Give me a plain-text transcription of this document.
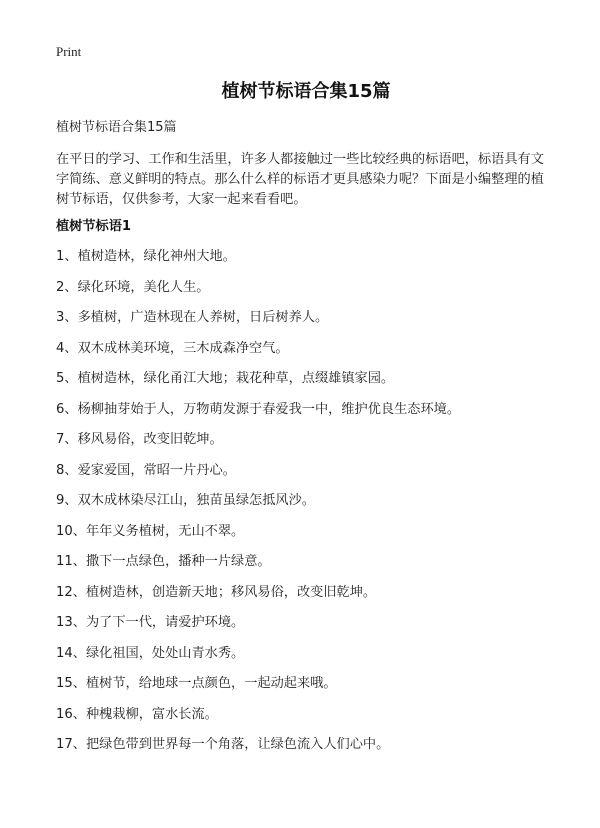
Print
植树节标语合集15篇
植树节标语合集15篇

在平日的学习、工作和生活里，许多人都接触过一些比较经典的标语吧，标语具有文字简练、意义鲜明的特点。那么什么样的标语才更具感染力呢？下面是小编整理的植树节标语，仅供参考，大家一起来看看吧。

植树节标语1
1、植树造林，绿化神州大地。
2、绿化环境，美化人生。
3、多植树，广造林现在人养树，日后树养人。
4、双木成林美环境，三木成森净空气。
5、植树造林，绿化甬江大地；栽花种草，点缀雄镇家园。
6、杨柳抽芽始于人，万物萌发源于春爱我一中，维护优良生态环境。
7、移风易俗，改变旧乾坤。
8、爱家爱国，常昭一片丹心。
9、双木成林染尽江山，独苗虽绿怎抵风沙。
10、年年义务植树，无山不翠。
11、撒下一点绿色，播种一片绿意。
12、植树造林，创造新天地；移风易俗，改变旧乾坤。
13、为了下一代，请爱护环境。
14、绿化祖国，处处山青水秀。
15、植树节，给地球一点颜色，一起动起来哦。
16、种槐栽柳，富水长流。
17、把绿色带到世界每一个角落，让绿色流入人们心中。
